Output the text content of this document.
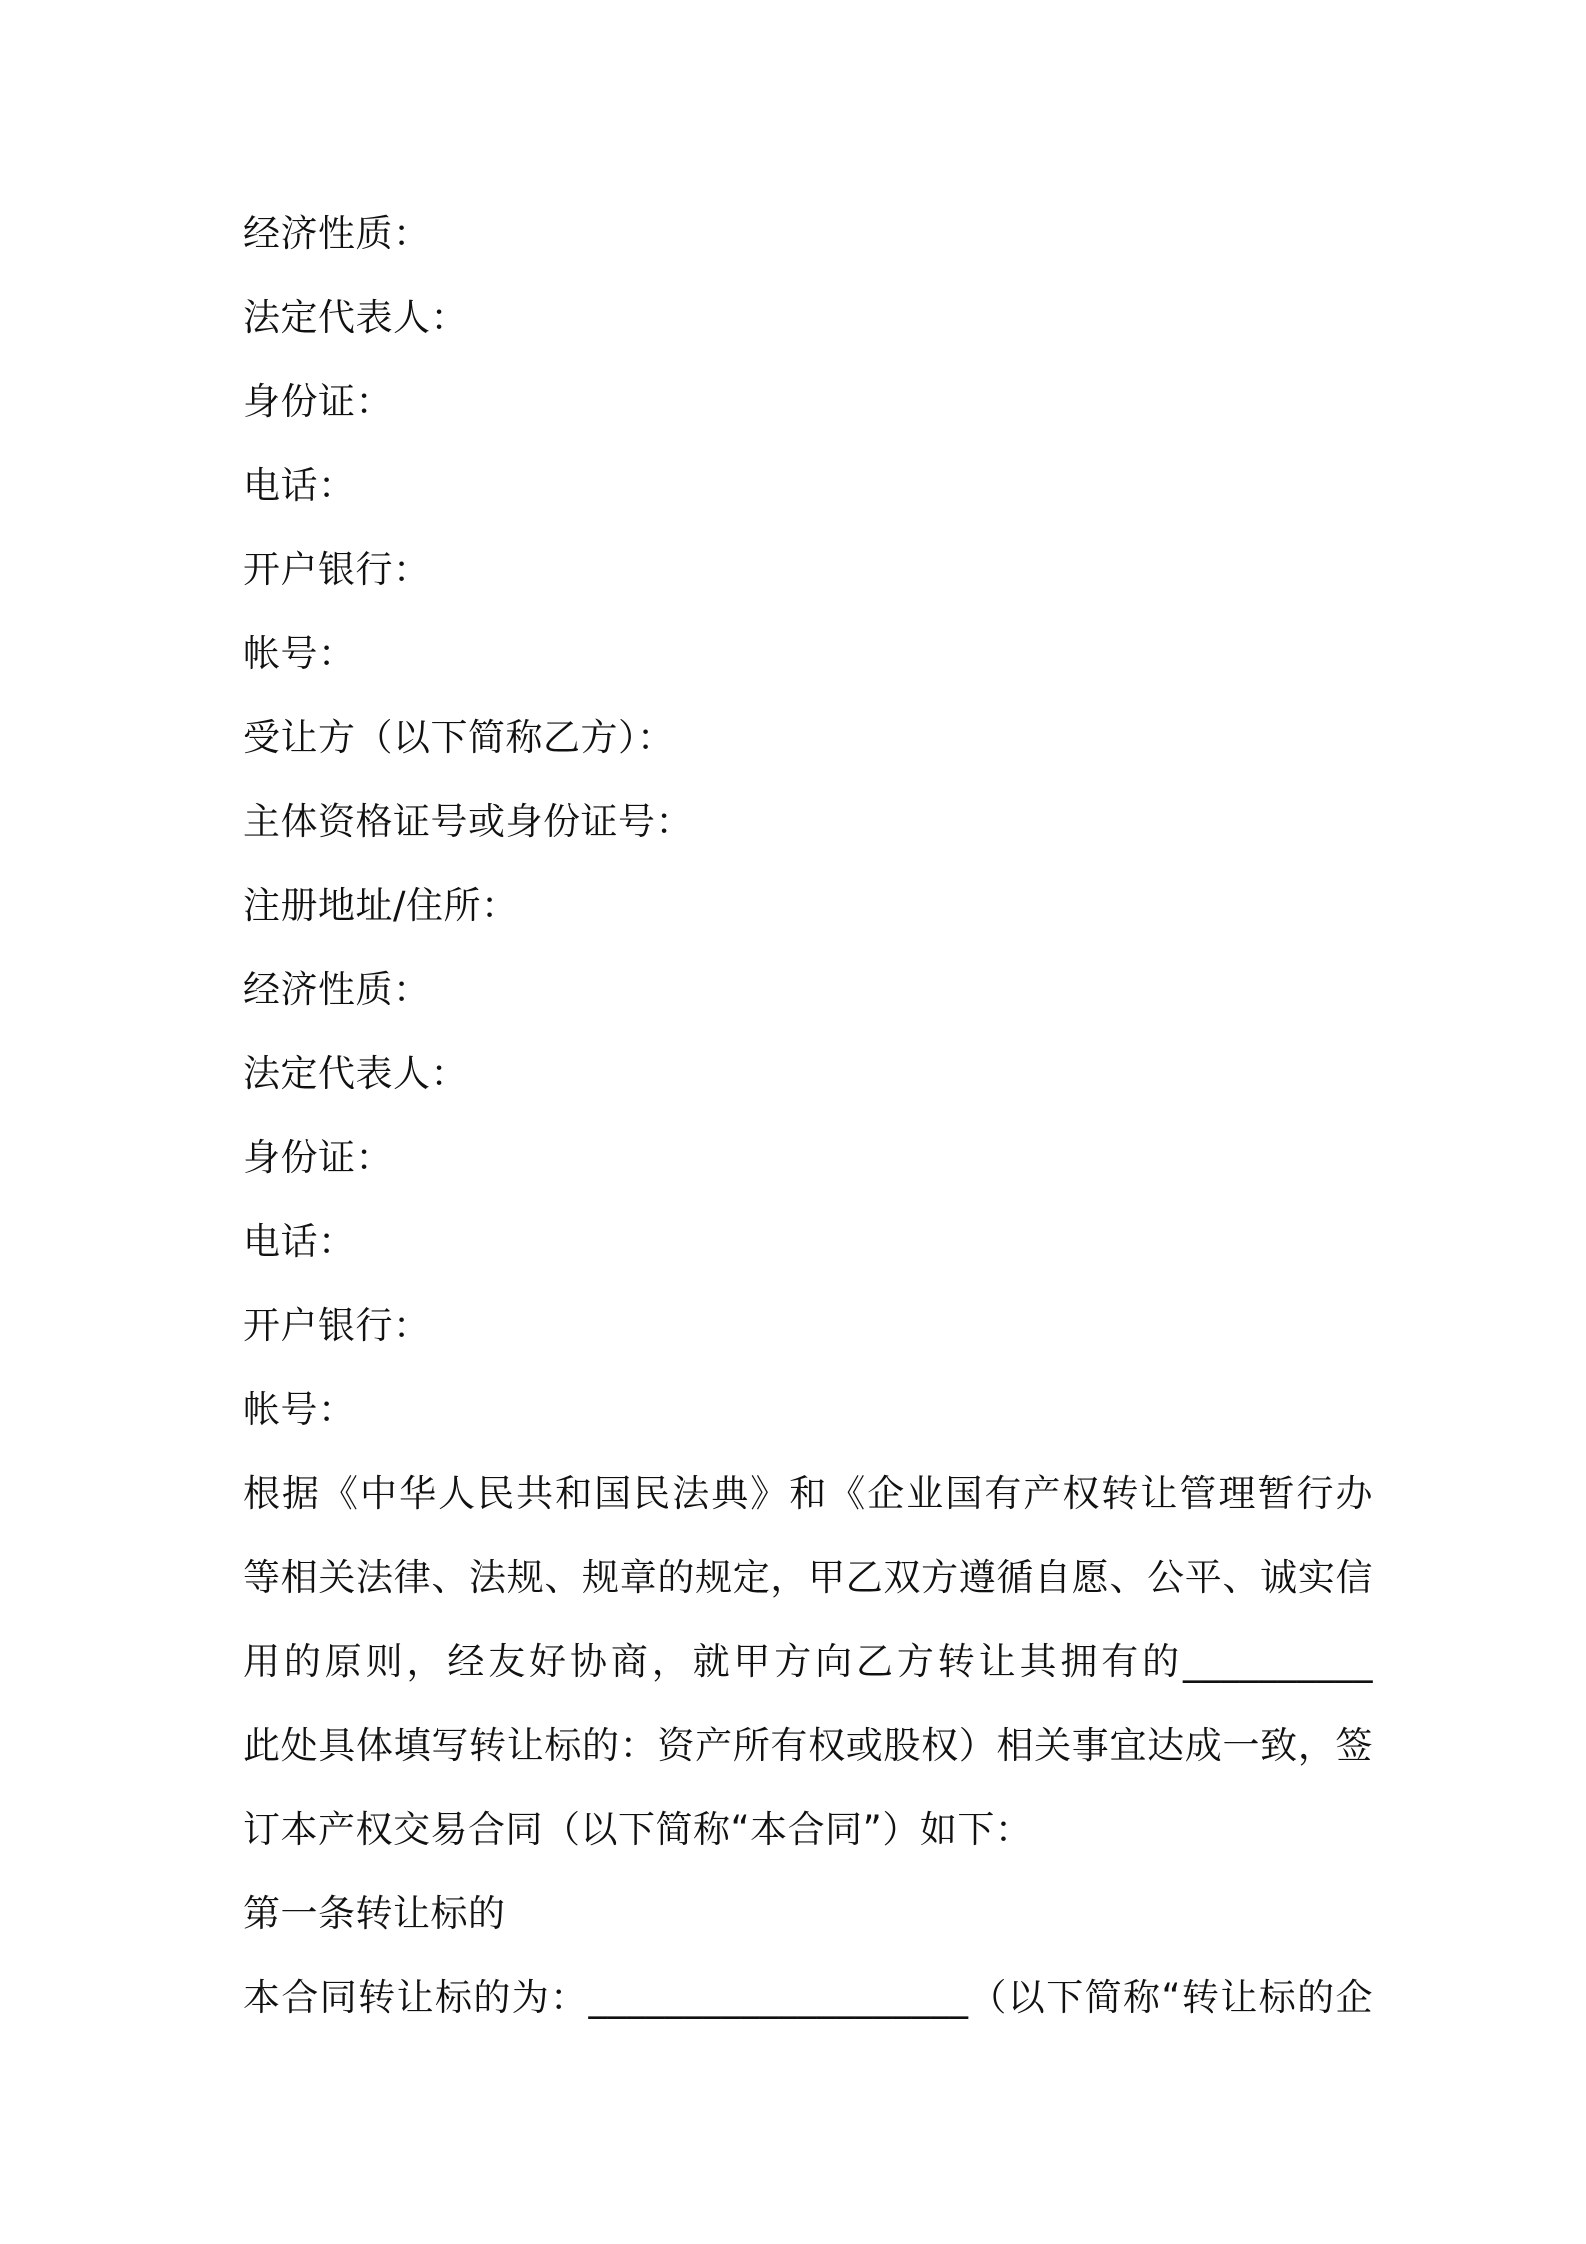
经济性质：
法定代表人：
身份证：
电话：
开户银行：
帐号：
受让方（以下简称乙方）：
主体资格证号或身份证号：
注册地址/住所：
经济性质：
法定代表人：
身份证：
电话：
开户银行：
帐号：
根据《中华人民共和国民法典》和《企业国有产权转让管理暂行办
等相关法律、法规、规章的规定，甲乙双方遵循自愿、公平、诚实信
用的原则，经友好协商，就甲方向乙方转让其拥有的__________
此处具体填写转让标的：资产所有权或股权）相关事宜达成一致，签
订本产权交易合同（以下简称“本合同”）如下：
第一条转让标的
本合同转让标的为：____________________（以下简称“转让标的企
